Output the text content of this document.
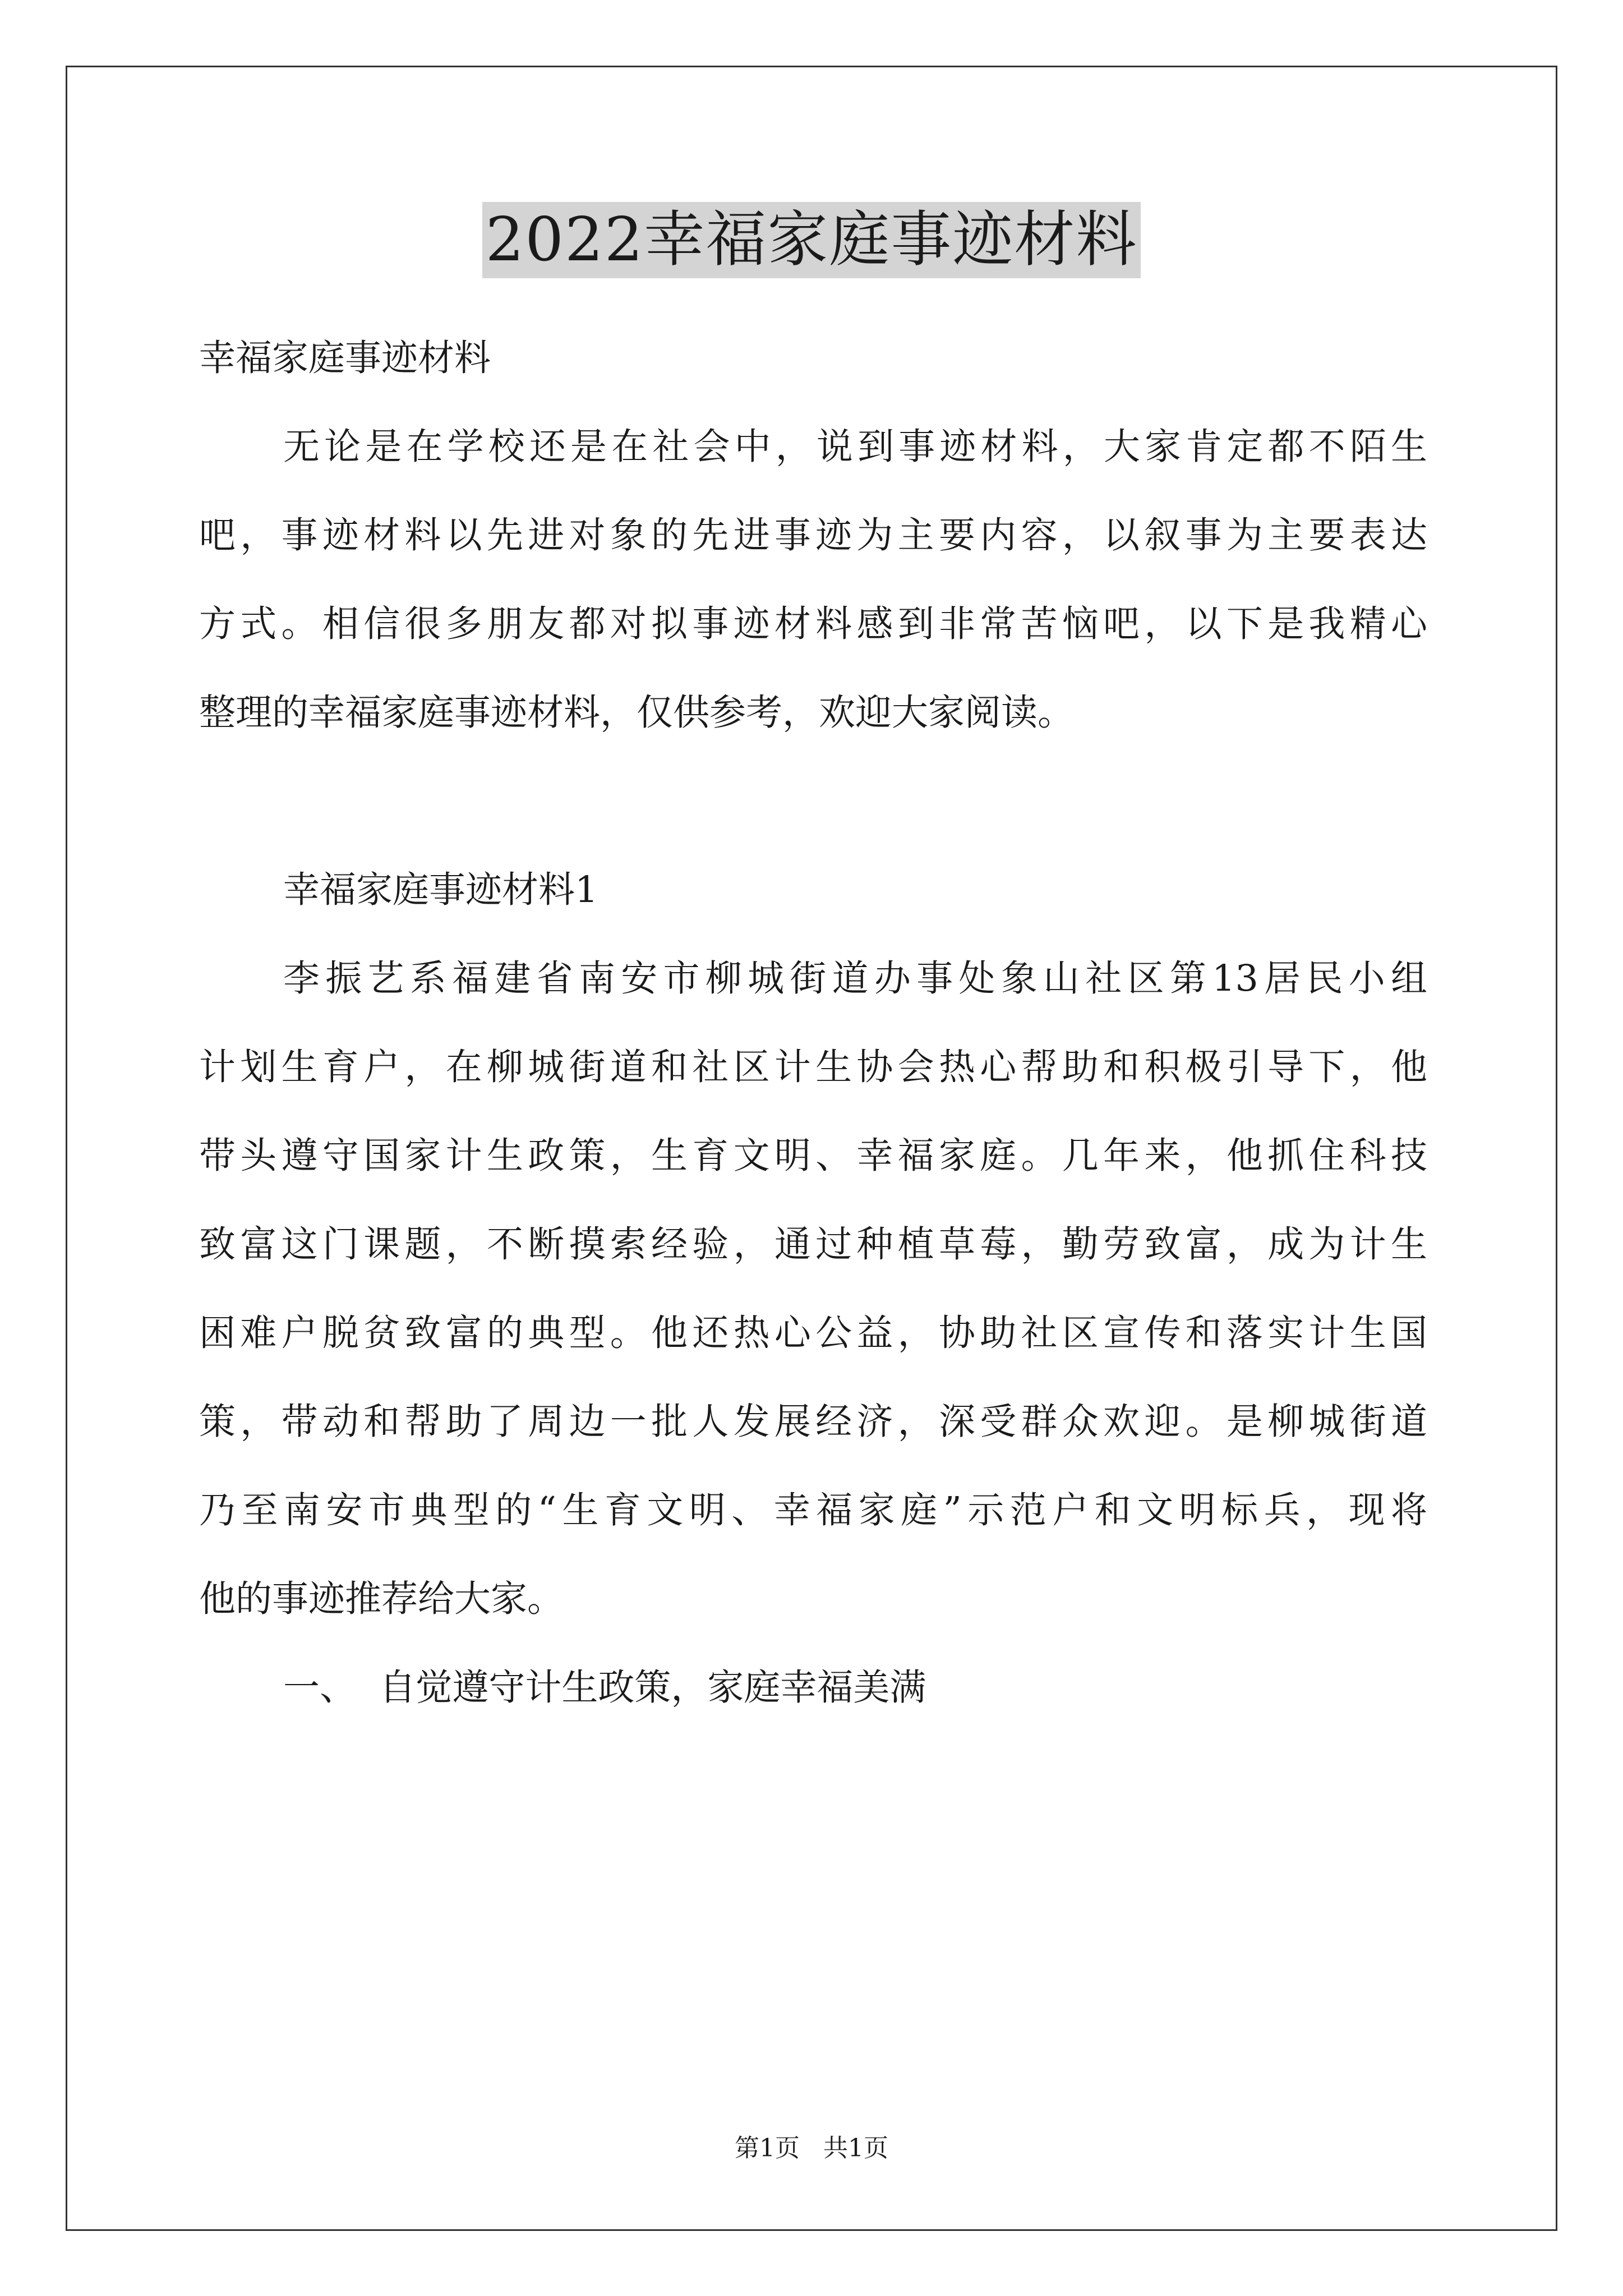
2022幸福家庭事迹材料
幸福家庭事迹材料
无论是在学校还是在社会中，说到事迹材料，大家肯定都不陌生
吧，事迹材料以先进对象的先进事迹为主要内容，以叙事为主要表达
方式。相信很多朋友都对拟事迹材料感到非常苦恼吧，以下是我精心
整理的幸福家庭事迹材料，仅供参考，欢迎大家阅读。
幸福家庭事迹材料1
李振艺系福建省南安市柳城街道办事处象山社区第13居民小组
计划生育户，在柳城街道和社区计生协会热心帮助和积极引导下，他
带头遵守国家计生政策，生育文明、幸福家庭。几年来，他抓住科技
致富这门课题，不断摸索经验，通过种植草莓，勤劳致富，成为计生
困难户脱贫致富的典型。他还热心公益，协助社区宣传和落实计生国
策，带动和帮助了周边一批人发展经济，深受群众欢迎。是柳城街道
乃至南安市典型的“生育文明、幸福家庭”示范户和文明标兵，现将
他的事迹推荐给大家。
一、  自觉遵守计生政策，家庭幸福美满
第1页 共1页
